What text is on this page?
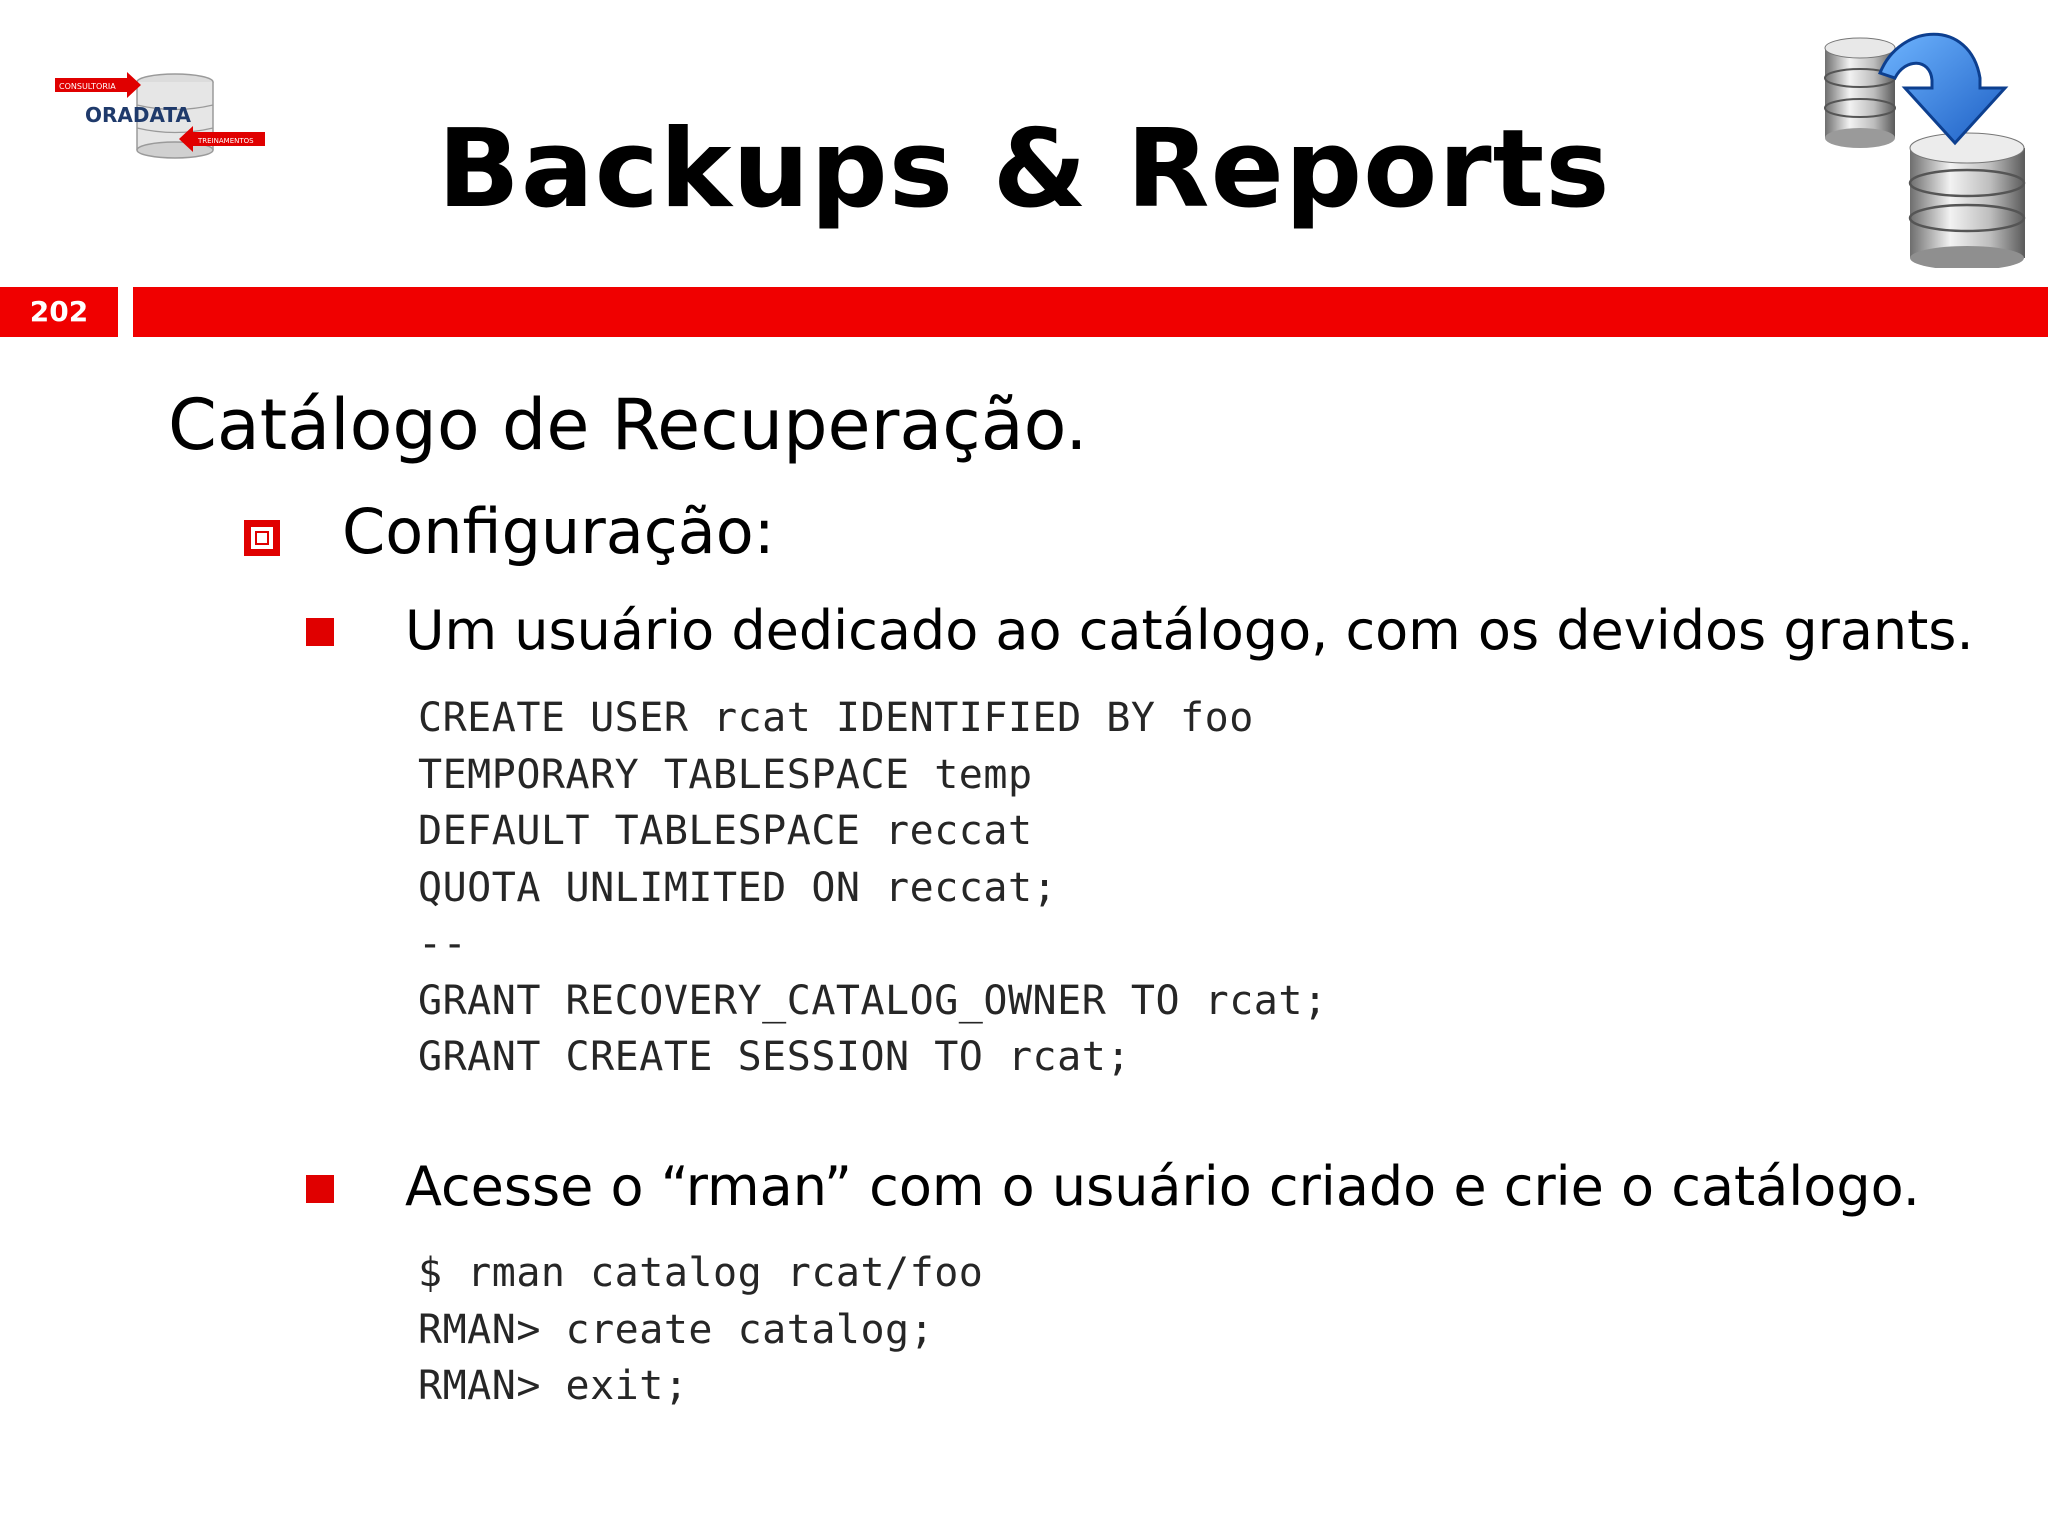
CONSULTORIA
ORADATA
TREINAMENTOS	Backups & Reports
202
Catálogo de Recuperação.
Configuração:
Um usuário dedicado ao catálogo, com os devidos grants.
CREATE USER rcat IDENTIFIED BY foo
TEMPORARY TABLESPACE temp
DEFAULT TABLESPACE reccat
QUOTA UNLIMITED ON reccat;
--
GRANT RECOVERY_CATALOG_OWNER TO rcat;
GRANT CREATE SESSION TO rcat;
Acesse o “rman” com o usuário criado e crie o catálogo.
$ rman catalog rcat/foo
RMAN> create catalog;
RMAN> exit;
